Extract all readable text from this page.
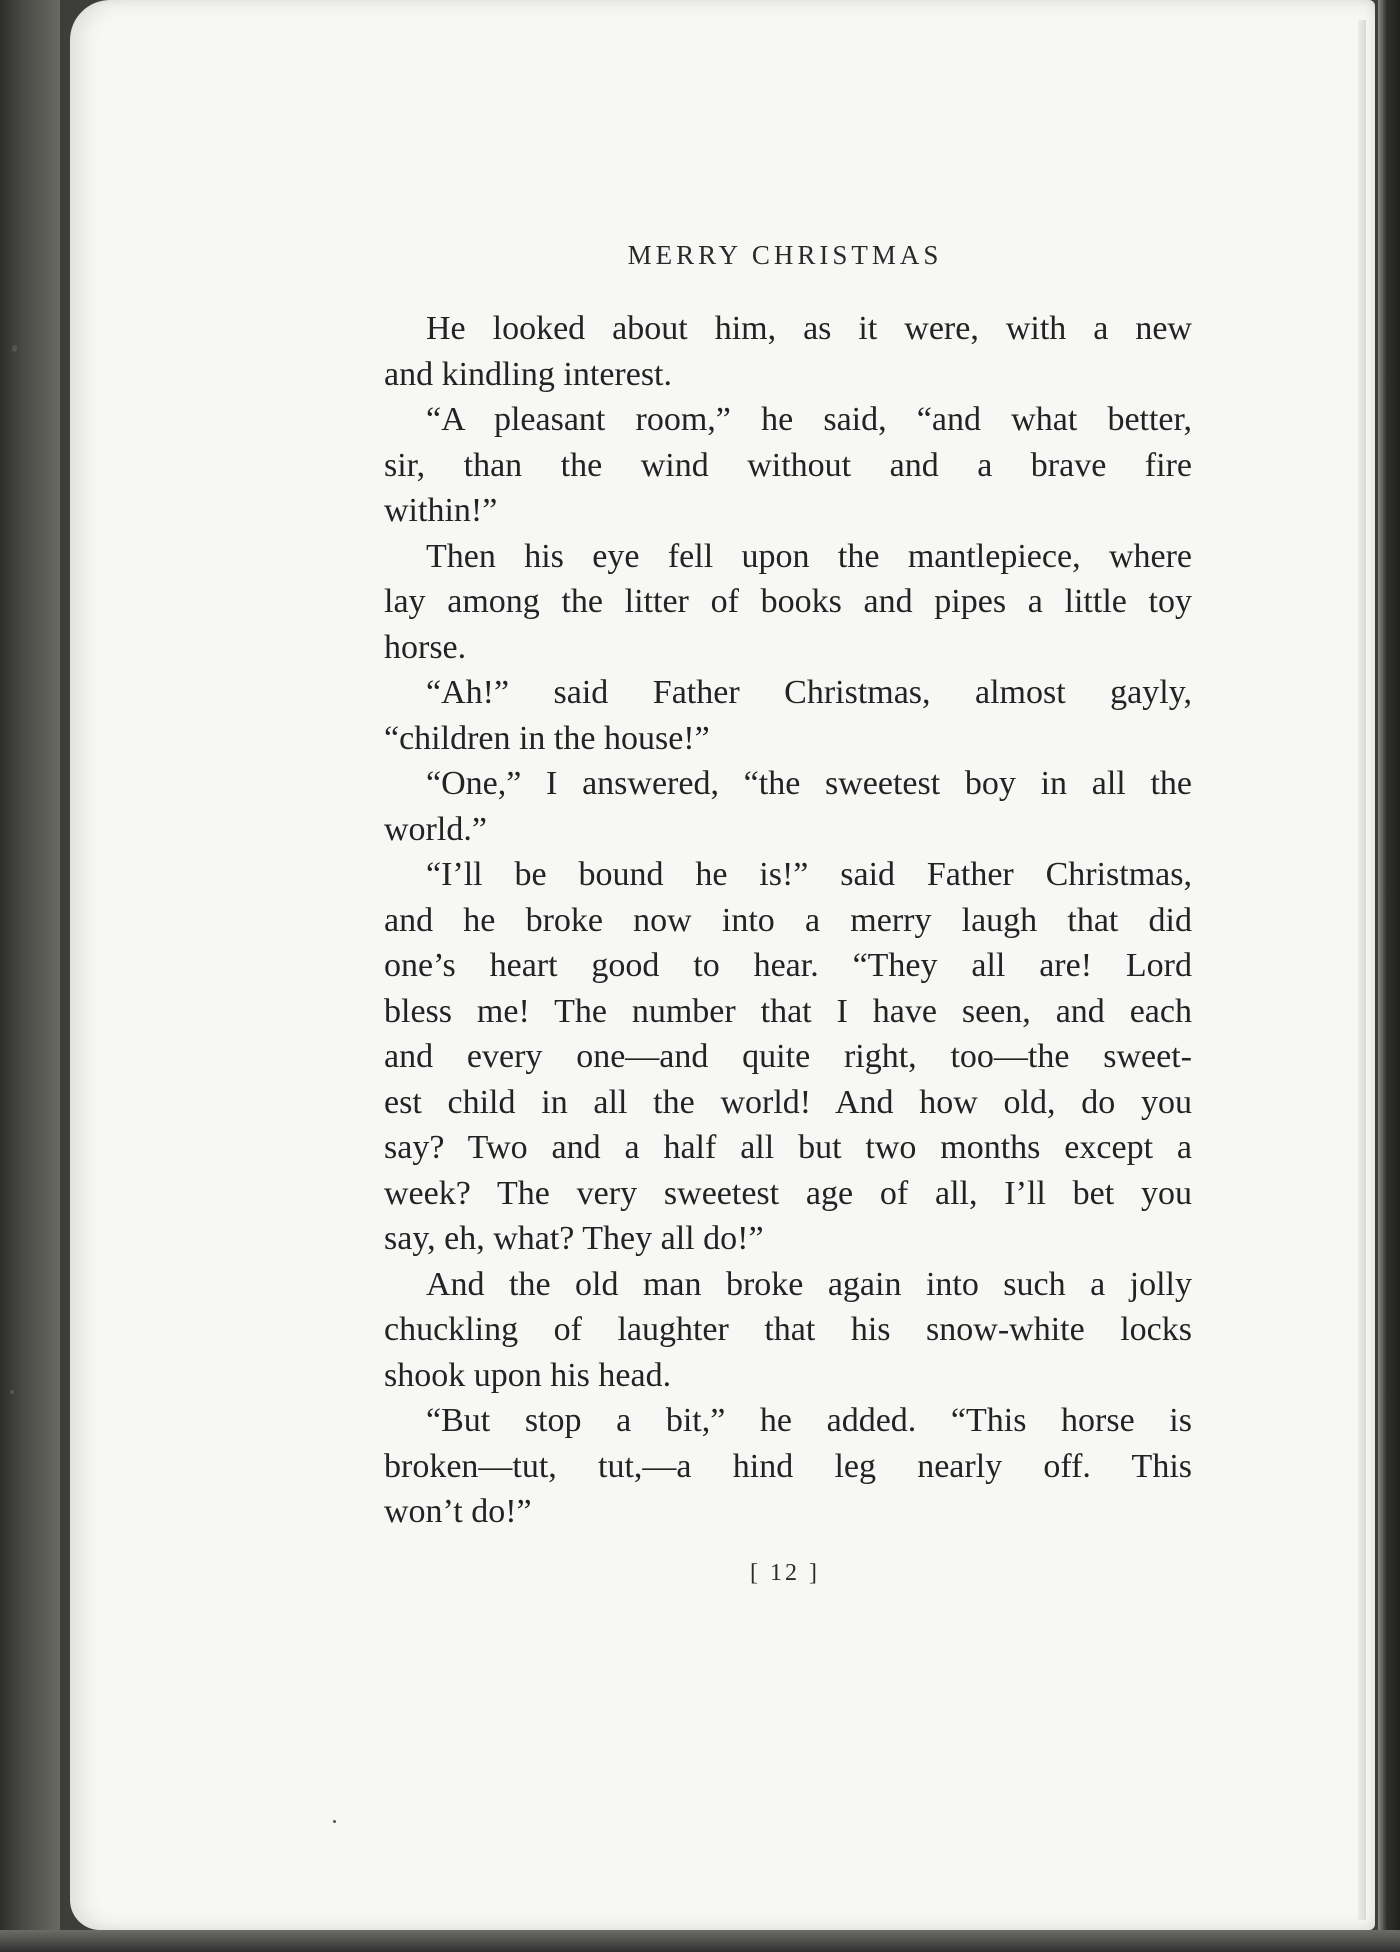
MERRY CHRISTMAS

He looked about him, as it were, with a new
and kindling interest.

“A pleasant room,” he said, “and what better,
sir, than the wind without and a brave fire
within!”

Then his eye fell upon the mantlepiece, where
lay among the litter of books and pipes a little toy
horse.

“Ah!” said Father Christmas, almost gayly,
“children in the house!”

“One,” I answered, “the sweetest boy in all the
world.”

“I’ll be bound he is!” said Father Christmas,
and he broke now into a merry laugh that did
one’s heart good to hear. “They all are! Lord
bless me! The number that I have seen, and each
and every one—and quite right, too—the sweet-
est child in all the world! And how old, do you
say? Two and a half all but two months except a
week? The very sweetest age of all, I’ll bet you
say, eh, what? They all do!”

And the old man broke again into such a jolly
chuckling of laughter that his snow-white locks
shook upon his head.

“But stop a bit,” he added. “This horse is
broken—tut, tut,—a hind leg nearly off. This
won’t do!”

[ 12 ]
